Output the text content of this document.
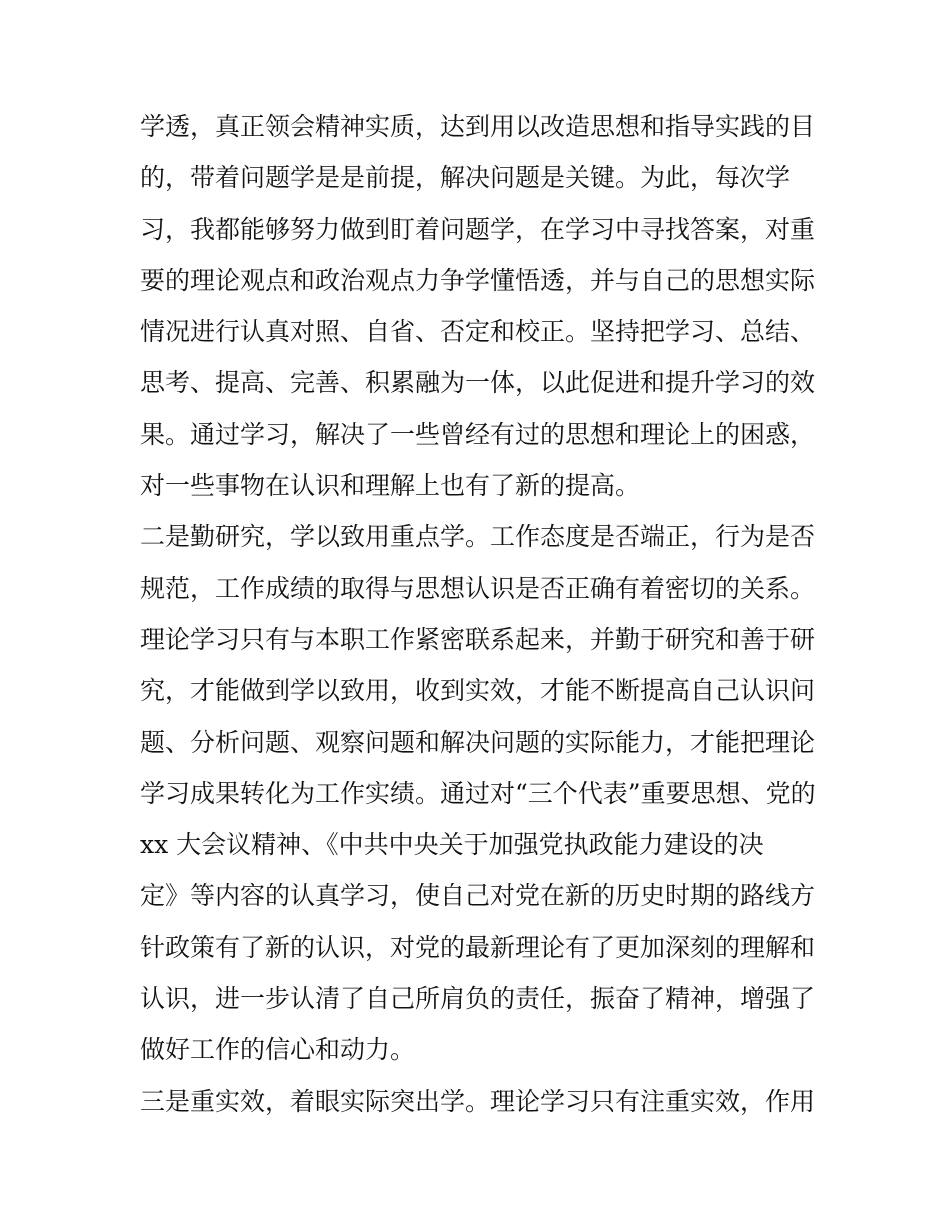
学透，真正领会精神实质，达到用以改造思想和指导实践的目
的，带着问题学是是前提，解决问题是关键。为此，每次学
习，我都能够努力做到盯着问题学，在学习中寻找答案，对重
要的理论观点和政治观点力争学懂悟透，并与自己的思想实际
情况进行认真对照、自省、否定和校正。坚持把学习、总结、
思考、提高、完善、积累融为一体，以此促进和提升学习的效
果。通过学习，解决了一些曾经有过的思想和理论上的困惑，
对一些事物在认识和理解上也有了新的提高。
二是勤研究，学以致用重点学。工作态度是否端正，行为是否
规范，工作成绩的取得与思想认识是否正确有着密切的关系。
理论学习只有与本职工作紧密联系起来，并勤于研究和善于研
究，才能做到学以致用，收到实效，才能不断提高自己认识问
题、分析问题、观察问题和解决问题的实际能力，才能把理论
学习成果转化为工作实绩。通过对“三个代表”重要思想、党的
xx 大会议精神、《中共中央关于加强党执政能力建设的决
定》等内容的认真学习，使自己对党在新的历史时期的路线方
针政策有了新的认识，对党的最新理论有了更加深刻的理解和
认识，进一步认清了自己所肩负的责任，振奋了精神，增强了
做好工作的信心和动力。
三是重实效，着眼实际突出学。理论学习只有注重实效，作用
